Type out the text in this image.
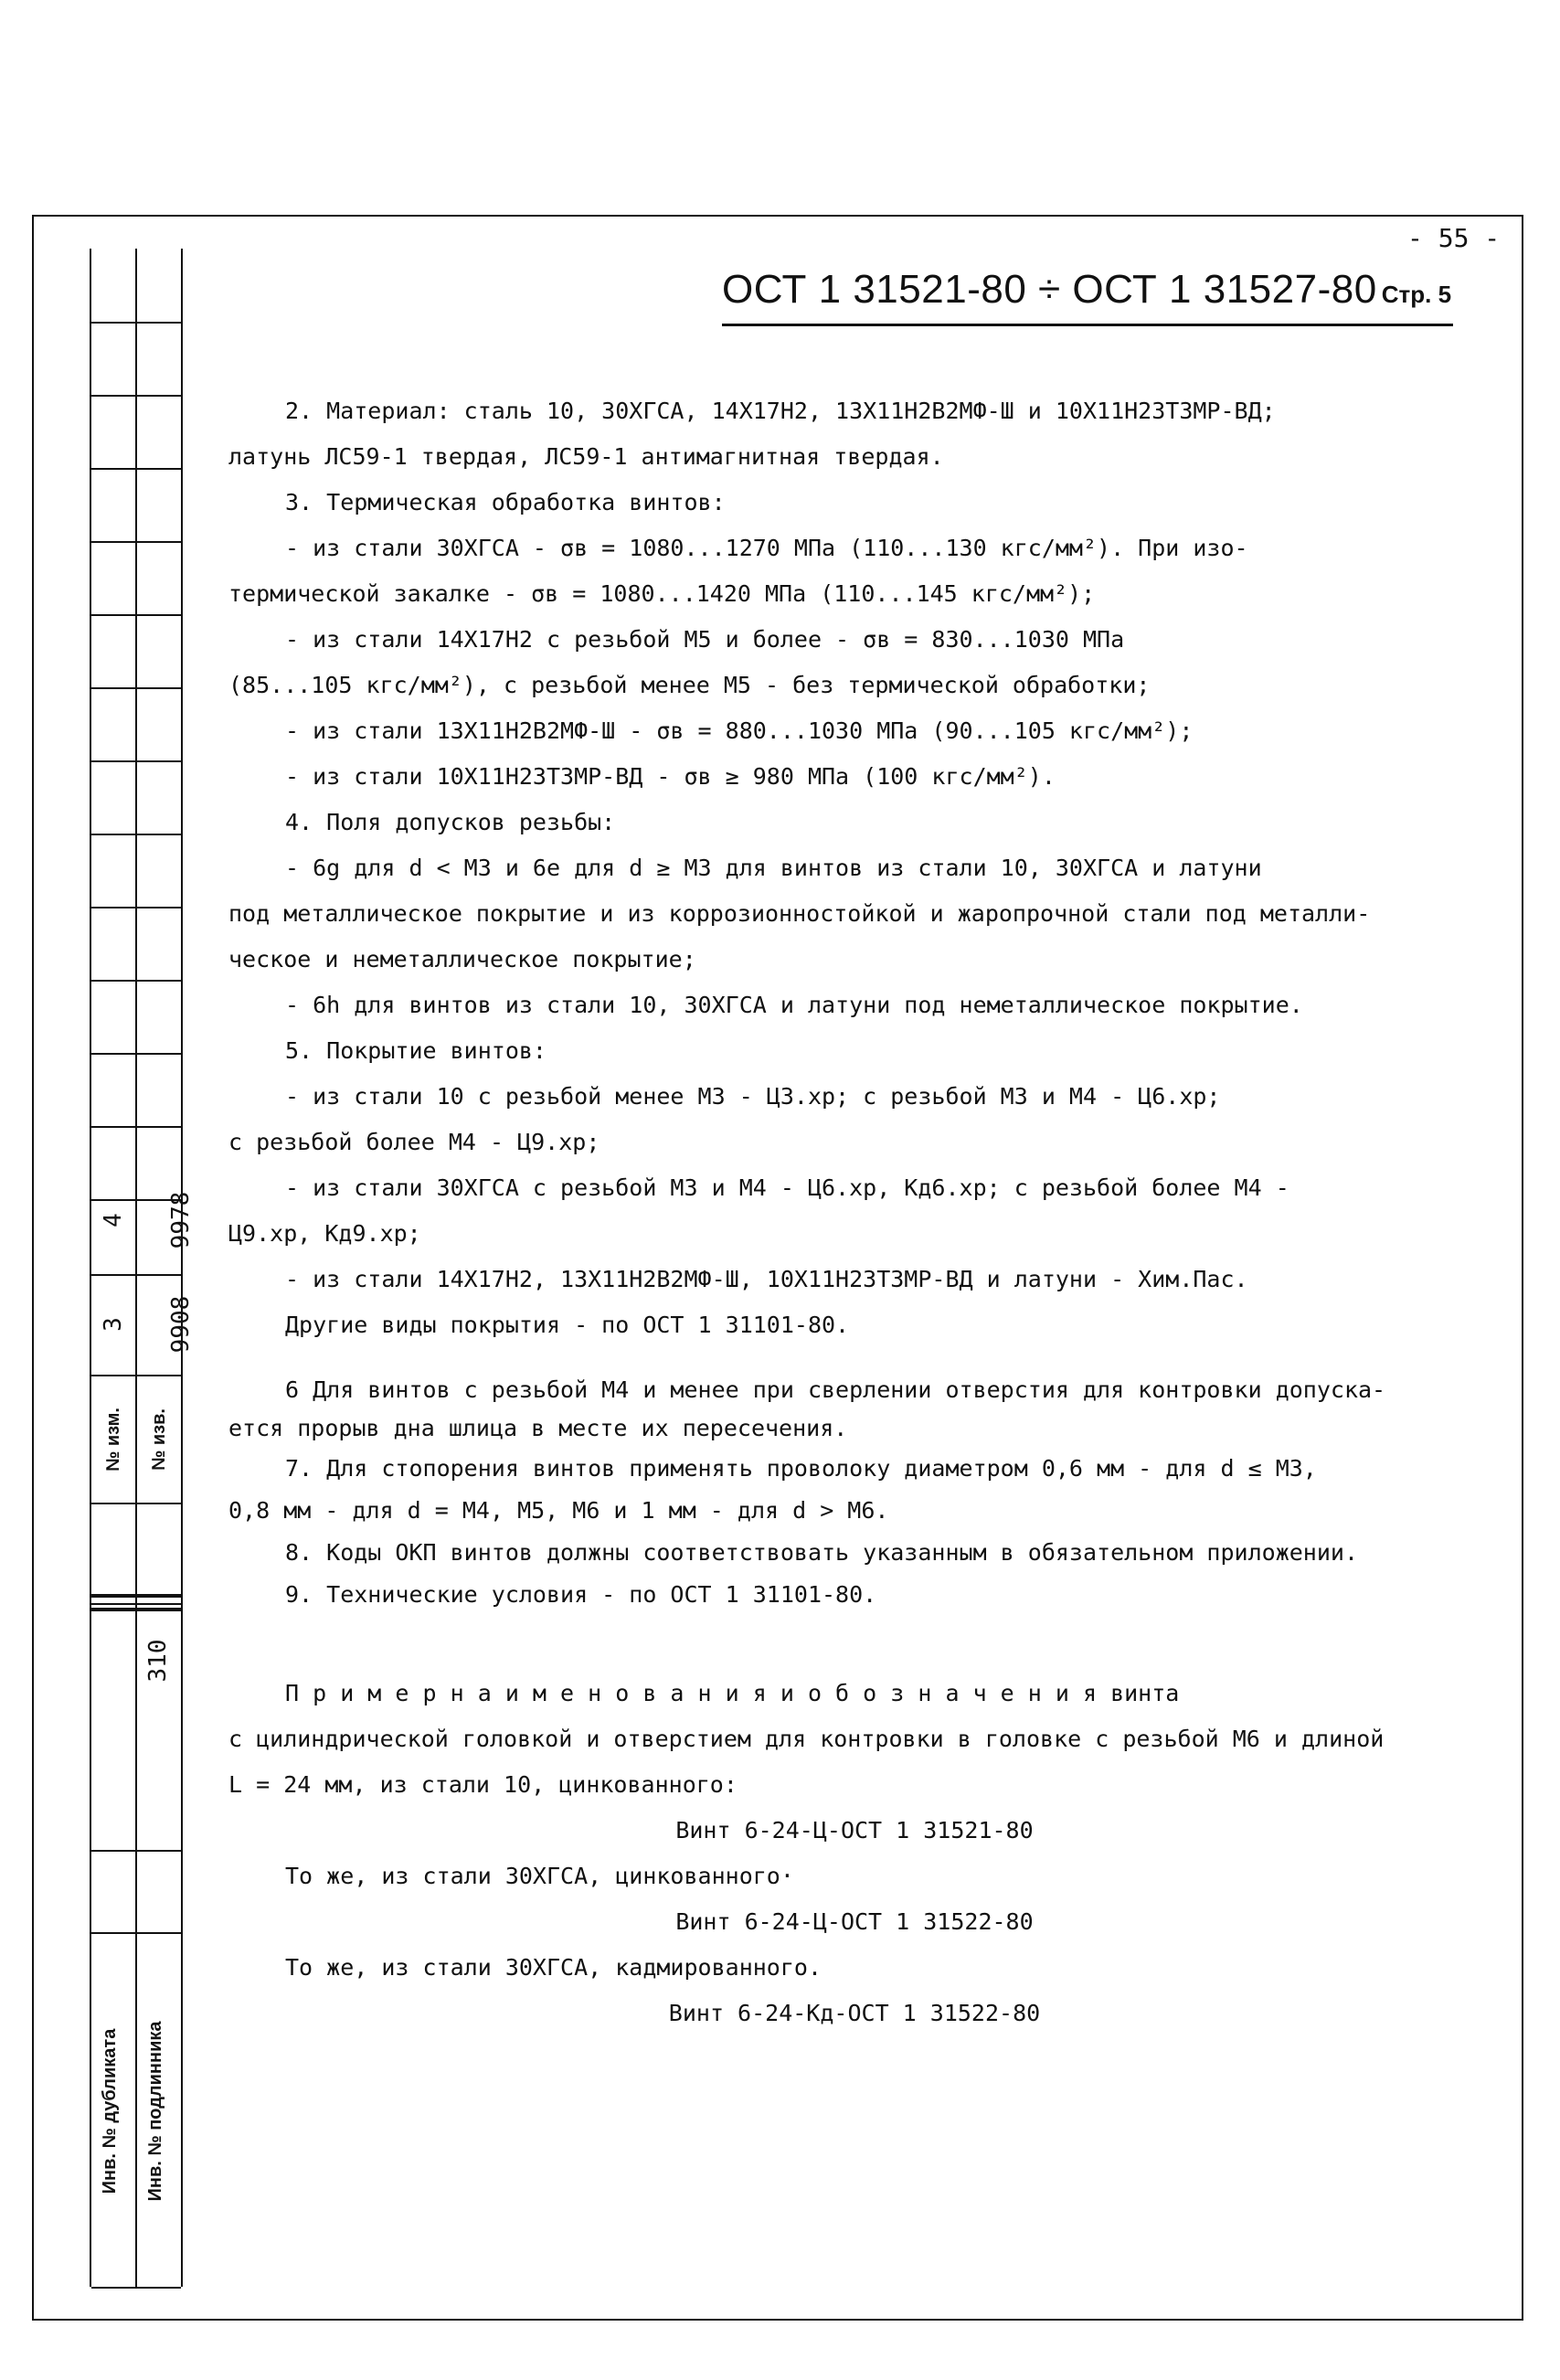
- 55 -
ОСТ 1 31521-80 ÷ ОСТ 1 31527-80 Стр. 5
3
4
9908
9978
№ изм. № изв.
310
Инв. № дубликата Инв. № подлинника

2. Материал: сталь 10, 30ХГСА, 14Х17Н2, 13Х11Н2В2МФ-Ш и 10Х11Н23Т3МР-ВД;

латунь ЛС59-1 твердая, ЛС59-1 антимагнитная твердая.

3. Термическая обработка винтов:

- из стали 30ХГСА - σв = 1080...1270 МПа (110...130 кгс/мм²). При изо-

термической закалке - σв = 1080...1420 МПа (110...145 кгс/мм²);

- из стали 14Х17Н2 с резьбой М5 и более - σв = 830...1030 МПа

(85...105 кгс/мм²), с резьбой менее М5 - без термической обработки;

- из стали 13Х11Н2В2МФ-Ш - σв = 880...1030 МПа (90...105 кгс/мм²);

- из стали 10Х11Н23Т3МР-ВД - σв ≥ 980 МПа (100 кгс/мм²).

4. Поля допусков резьбы:

- 6g для d < М3 и 6е для d ≥ М3 для винтов из стали 10, 30ХГСА и латуни

под металлическое покрытие и из коррозионностойкой и жаропрочной стали под металли-

ческое и неметаллическое покрытие;

- 6h для винтов из стали 10, 30ХГСА и латуни под неметаллическое покрытие.

5. Покрытие винтов:

- из стали 10 с резьбой менее М3 - Ц3.хр; с резьбой М3 и М4 - Ц6.хр;

с резьбой более М4 - Ц9.хр;

- из стали 30ХГСА с резьбой М3 и М4 - Ц6.хр, Кд6.хр; с резьбой более М4 -

Ц9.хр, Кд9.хр;

- из стали 14Х17Н2, 13Х11Н2В2МФ-Ш, 10Х11Н23Т3МР-ВД и латуни - Хим.Пас.

Другие виды покрытия - по ОСТ 1 31101-80.

6 Для винтов с резьбой М4 и менее при сверлении отверстия для контровки допуска-

ется прорыв дна шлица в месте их пересечения.

7. Для стопорения винтов применять проволоку диаметром 0,6 мм - для d ≤ М3,

0,8 мм - для d = М4, М5, М6 и 1 мм - для d > М6.

8. Коды ОКП винтов должны соответствовать указанным в обязательном приложении.

9. Технические условия - по ОСТ 1 31101-80.

П р и м е р н а и м е н о в а н и я и о б о з н а ч е н и я винта

с цилиндрической головкой и отверстием для контровки в головке с резьбой М6 и длиной

L = 24 мм, из стали 10, цинкованного:

Винт 6-24-Ц-ОСТ 1 31521-80

То же, из стали 30ХГСА, цинкованного·

Винт 6-24-Ц-ОСТ 1 31522-80

То же, из стали 30ХГСА, кадмированного.

Винт 6-24-Кд-ОСТ 1 31522-80
